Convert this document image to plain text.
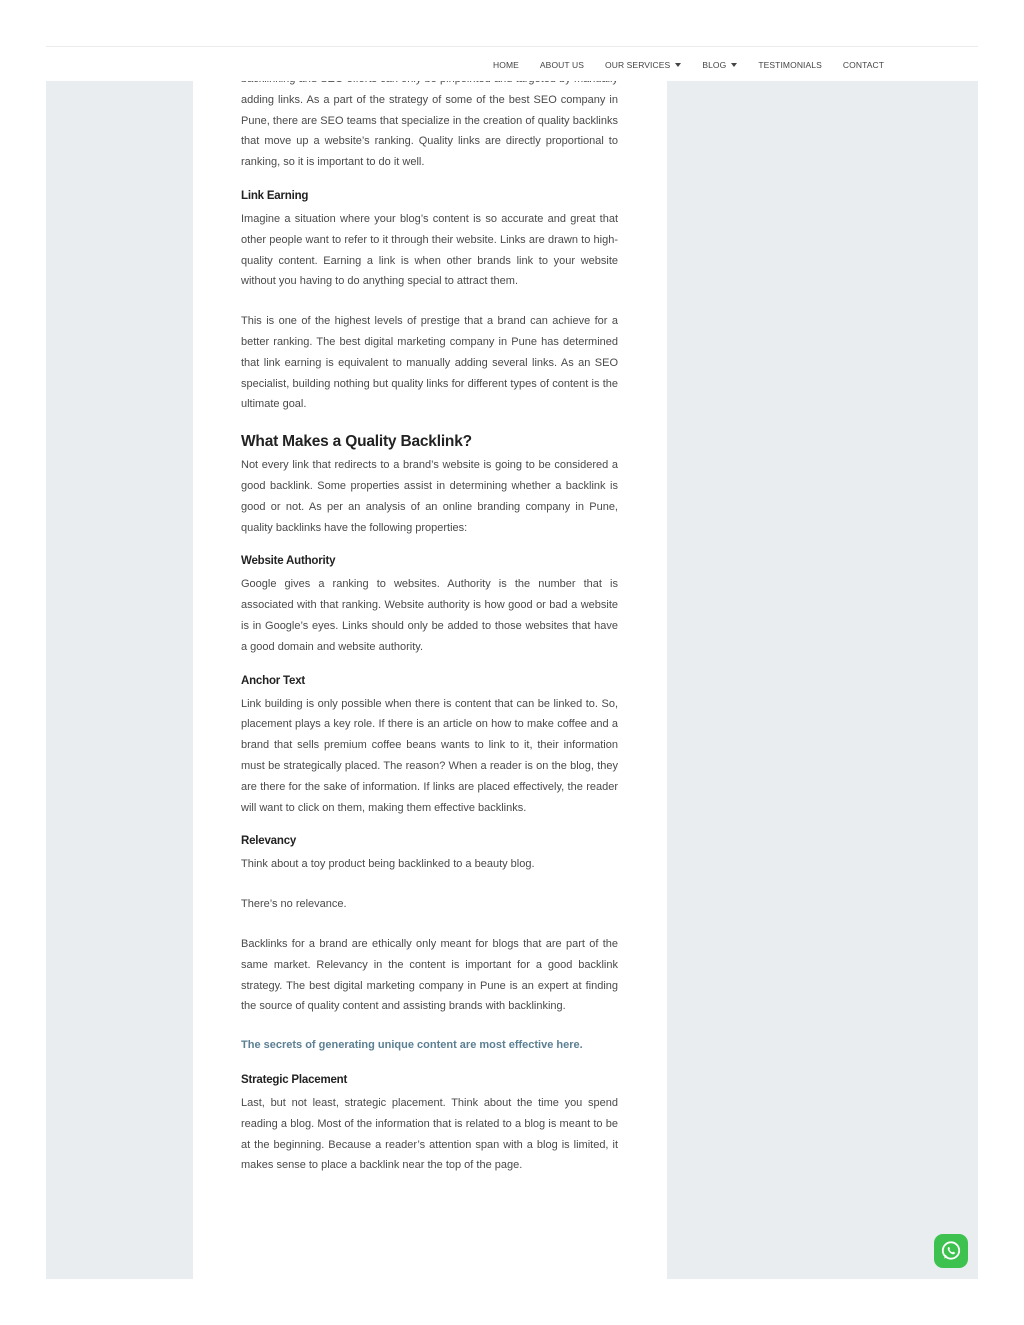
adding links. As a part of the strategy of some of the best SEO company in Pune, there are SEO teams that specialize in the creation of quality backlinks that move up a website’s ranking. Quality links are directly proportional to ranking, so it is important to do it well.

Link Earning

Imagine a situation where your blog’s content is so accurate and great that other people want to refer to it through their website. Links are drawn to high-quality content. Earning a link is when other brands link to your website without you having to do anything special to attract them.

This is one of the highest levels of prestige that a brand can achieve for a better ranking. The best digital marketing company in Pune has determined that link earning is equivalent to manually adding several links. As an SEO specialist, building nothing but quality links for different types of content is the ultimate goal.

What Makes a Quality Backlink?

Not every link that redirects to a brand’s website is going to be considered a good backlink. Some properties assist in determining whether a backlink is good or not. As per an analysis of an online branding company in Pune, quality backlinks have the following properties:

Website Authority

Google gives a ranking to websites. Authority is the number that is associated with that ranking. Website authority is how good or bad a website is in Google’s eyes. Links should only be added to those websites that have a good domain and website authority.

Anchor Text

Link building is only possible when there is content that can be linked to. So, placement plays a key role. If there is an article on how to make coffee and a brand that sells premium coffee beans wants to link to it, their information must be strategically placed. The reason? When a reader is on the blog, they are there for the sake of information. If links are placed effectively, the reader will want to click on them, making them effective backlinks.

Relevancy

Think about a toy product being backlinked to a beauty blog.

There’s no relevance.

Backlinks for a brand are ethically only meant for blogs that are part of the same market. Relevancy in the content is important for a good backlink strategy. The best digital marketing company in Pune is an expert at finding the source of quality content and assisting brands with backlinking.

The secrets of generating unique content are most effective here.

Strategic Placement

Last, but not least, strategic placement. Think about the time you spend reading a blog. Most of the information that is related to a blog is meant to be at the beginning. Because a reader’s attention span with a blog is limited, it makes sense to place a backlink near the top of the page.

HOME ABOUT US OUR SERVICES	BLOG	TESTIMONIALS CONTACT
